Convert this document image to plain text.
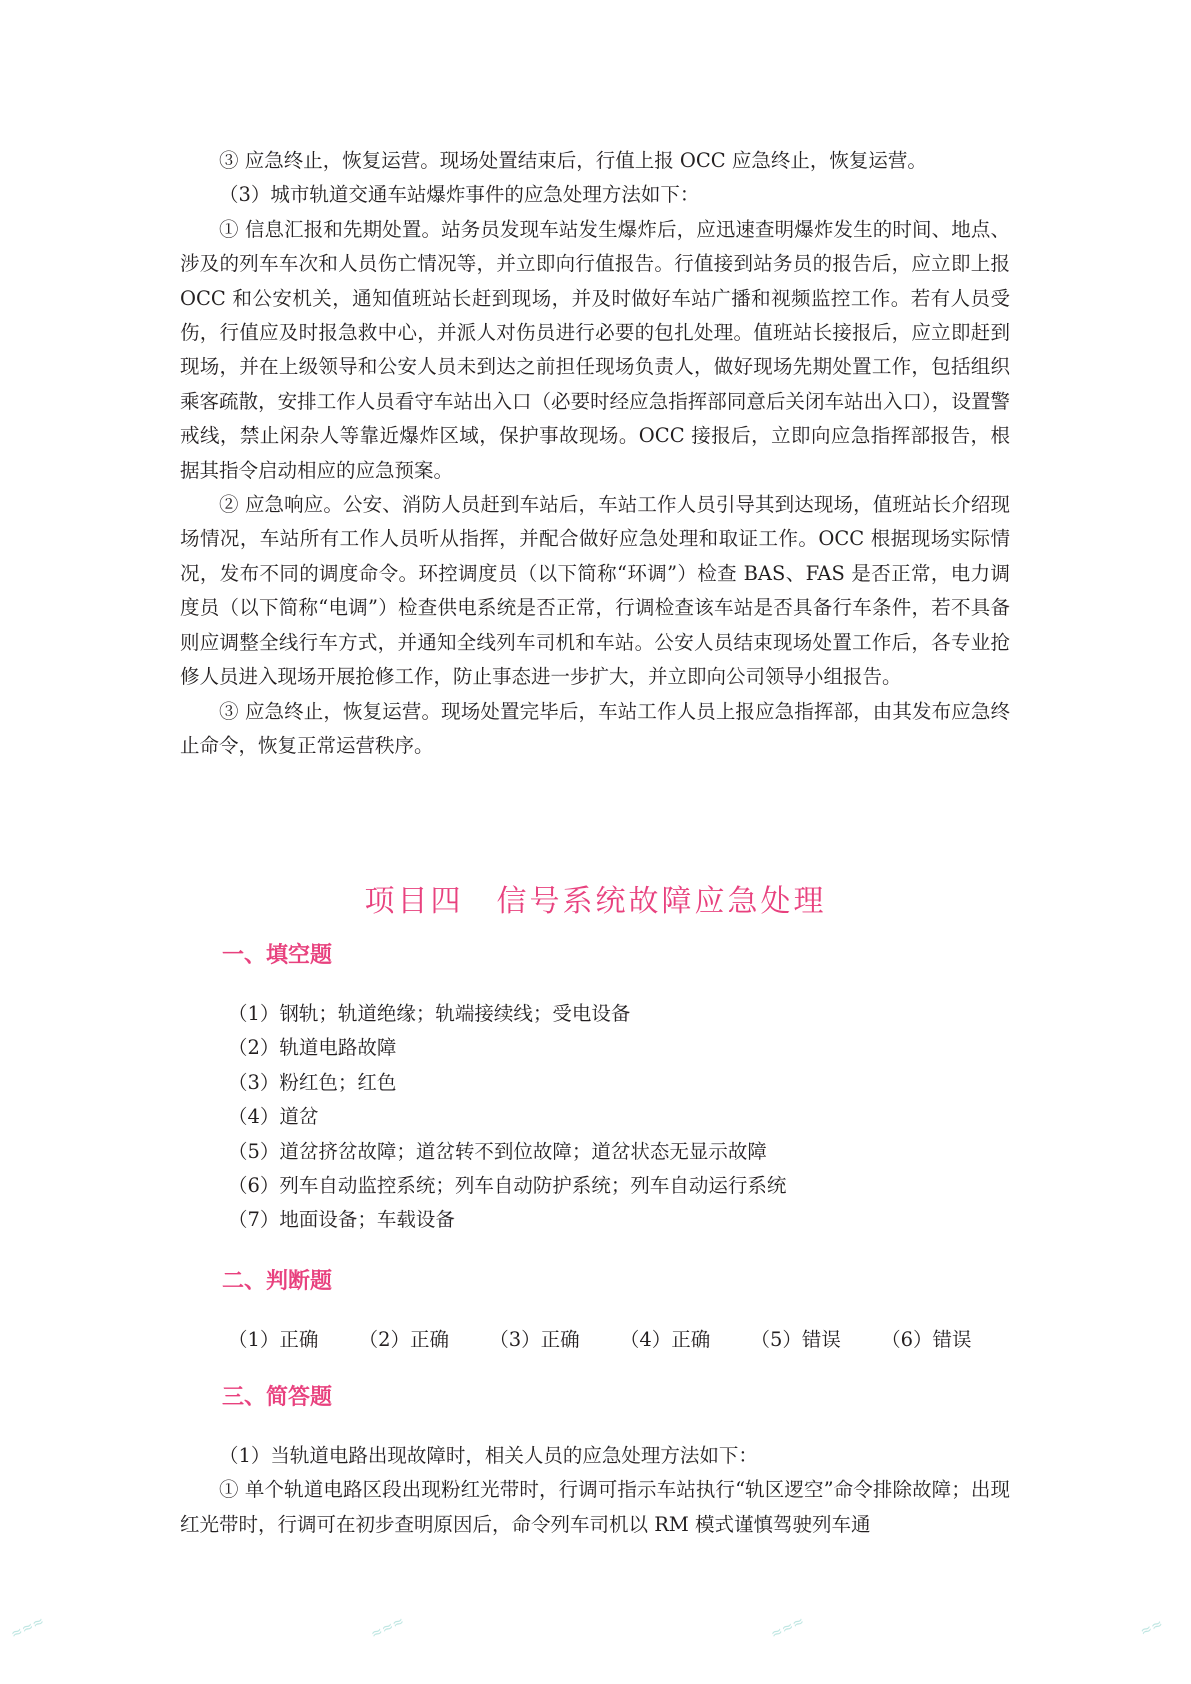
③ 应急终止，恢复运营。现场处置结束后，行值上报 OCC 应急终止，恢复运营。

（3）城市轨道交通车站爆炸事件的应急处理方法如下：

① 信息汇报和先期处置。站务员发现车站发生爆炸后，应迅速查明爆炸发生的时间、地点、涉及的列车车次和人员伤亡情况等，并立即向行值报告。行值接到站务员的报告后，应立即上报 OCC 和公安机关，通知值班站长赶到现场，并及时做好车站广播和视频监控工作。若有人员受伤，行值应及时报急救中心，并派人对伤员进行必要的包扎处理。值班站长接报后，应立即赶到现场，并在上级领导和公安人员未到达之前担任现场负责人，做好现场先期处置工作，包括组织乘客疏散，安排工作人员看守车站出入口（必要时经应急指挥部同意后关闭车站出入口），设置警戒线，禁止闲杂人等靠近爆炸区域，保护事故现场。OCC 接报后，立即向应急指挥部报告，根据其指令启动相应的应急预案。

② 应急响应。公安、消防人员赶到车站后，车站工作人员引导其到达现场，值班站长介绍现场情况，车站所有工作人员听从指挥，并配合做好应急处理和取证工作。OCC 根据现场实际情况，发布不同的调度命令。环控调度员（以下简称“环调”）检查 BAS、FAS 是否正常，电力调度员（以下简称“电调”）检查供电系统是否正常，行调检查该车站是否具备行车条件，若不具备则应调整全线行车方式，并通知全线列车司机和车站。公安人员结束现场处置工作后，各专业抢修人员进入现场开展抢修工作，防止事态进一步扩大，并立即向公司领导小组报告。

③ 应急终止，恢复运营。现场处置完毕后，车站工作人员上报应急指挥部，由其发布应急终止命令，恢复正常运营秩序。

项目四　信号系统故障应急处理
一、填空题
（1）钢轨；轨道绝缘；轨端接续线；受电设备
（2）轨道电路故障
（3）粉红色；红色
（4）道岔
（5）道岔挤岔故障；道岔转不到位故障；道岔状态无显示故障
（6）列车自动监控系统；列车自动防护系统；列车自动运行系统
（7）地面设备；车载设备
二、判断题
（1）正确 （2）正确 （3）正确 （4）正确 （5）错误 （6）错误
三、简答题

（1）当轨道电路出现故障时，相关人员的应急处理方法如下：

① 单个轨道电路区段出现粉红光带时，行调可指示车站执行“轨区逻空”命令排除故障；出现红光带时，行调可在初步查明原因后，命令列车司机以 RM 模式谨慎驾驶列车通

≈≈≈	≈≈≈	≈≈≈	≈≈
